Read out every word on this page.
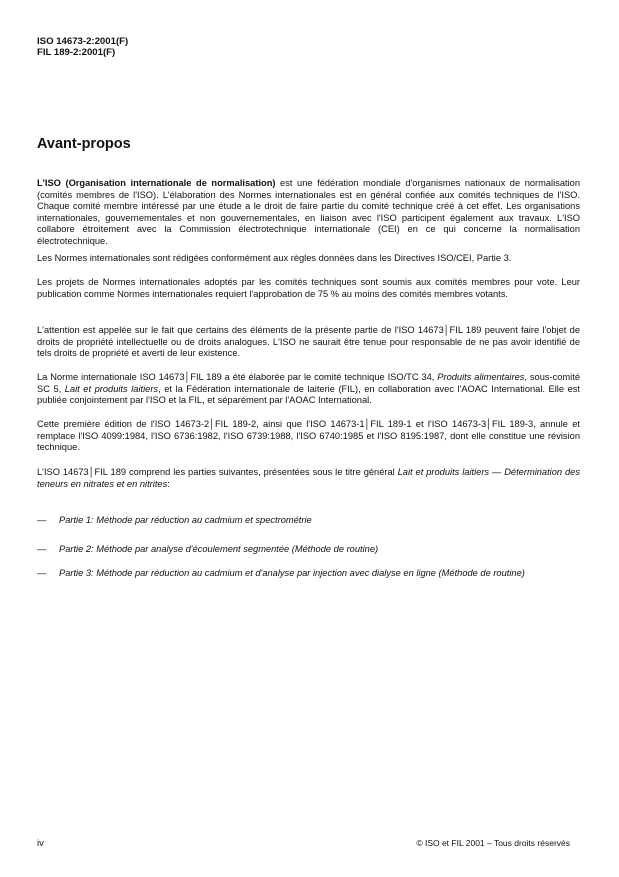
ISO 14673-2:2001(F)
FIL 189-2:2001(F)
Avant-propos
L'ISO (Organisation internationale de normalisation) est une fédération mondiale d'organismes nationaux de normalisation (comités membres de l'ISO). L'élaboration des Normes internationales est en général confiée aux comités techniques de l'ISO. Chaque comité membre intéressé par une étude a le droit de faire partie du comité technique créé à cet effet. Les organisations internationales, gouvernementales et non gouvernementales, en liaison avec l'ISO participent également aux travaux. L'ISO collabore étroitement avec la Commission électrotechnique internationale (CEI) en ce qui concerne la normalisation électrotechnique.
Les Normes internationales sont rédigées conformément aux règles données dans les Directives ISO/CEI, Partie 3.
Les projets de Normes internationales adoptés par les comités techniques sont soumis aux comités membres pour vote. Leur publication comme Normes internationales requiert l'approbation de 75 % au moins des comités membres votants.
L'attention est appelée sur le fait que certains des éléments de la présente partie de l'ISO 14673│FIL 189 peuvent faire l'objet de droits de propriété intellectuelle ou de droits analogues. L'ISO ne saurait être tenue pour responsable de ne pas avoir identifié de tels droits de propriété et averti de leur existence.
La Norme internationale ISO 14673│FIL 189 a été élaborée par le comité technique ISO/TC 34, Produits alimentaires, sous-comité SC 5, Lait et produits laitiers, et la Fédération internationale de laiterie (FIL), en collaboration avec l'AOAC International. Elle est publiée conjointement par l'ISO et la FIL, et séparément par l'AOAC International.
Cette première édition de l'ISO 14673-2│FIL 189-2, ainsi que l'ISO 14673-1│FIL 189-1 et l'ISO 14673-3│FIL 189-3, annule et remplace l'ISO 4099:1984, l'ISO 6736:1982, l'ISO 6739:1988, l'ISO 6740:1985 et l'ISO 8195:1987, dont elle constitue une révision technique.
L'ISO 14673│FIL 189 comprend les parties suivantes, présentées sous le titre général Lait et produits laitiers — Détermination des teneurs en nitrates et en nitrites:
— Partie 1: Méthode par réduction au cadmium et spectrométrie
— Partie 2: Méthode par analyse d'écoulement segmentée (Méthode de routine)
— Partie 3: Méthode par réduction au cadmium et d'analyse par injection avec dialyse en ligne (Méthode de routine)
iv	© ISO et FIL 2001 – Tous droits réservés
